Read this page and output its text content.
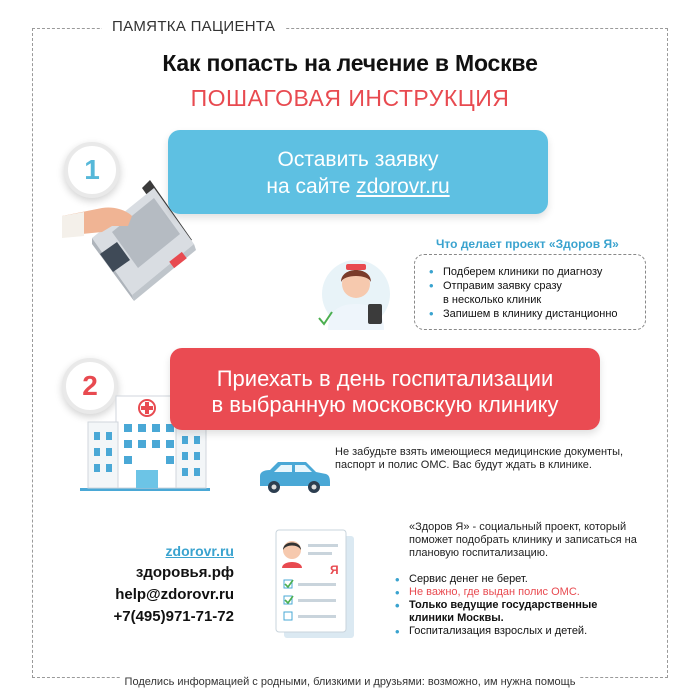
ПАМЯТКА ПАЦИЕНТА
Как попасть на лечение в Москве
ПОШАГОВАЯ ИНСТРУКЦИЯ
1	Оставить заявку
на сайте zdorovr.ru
Что делает проект «Здоров Я»
• Подберем клиники по диагнозу
• Отправим заявку сразу
в несколько клиник
• Запишем в клинику дистанционно
2	Приехать в день госпитализации
в выбранную московскую клинику
Не забудьте взять имеющиеся медицинские документы, паспорт и полис ОМС. Вас будут ждать в клинике.
zdorovr.ru
здоровья.рф
help@zdorovr.ru
+7(495)971-71-72
Я
«Здоров Я» - социальный проект, который поможет подобрать клинику и записаться на плановую госпитализацию.
• Сервис денег не берет.
• Не важно, где выдан полис ОМС.
• Только ведущие государственные
клиники Москвы.
• Госпитализация взрослых и детей.
Поделись информацией с родными, близкими и друзьями: возможно, им нужна помощь
